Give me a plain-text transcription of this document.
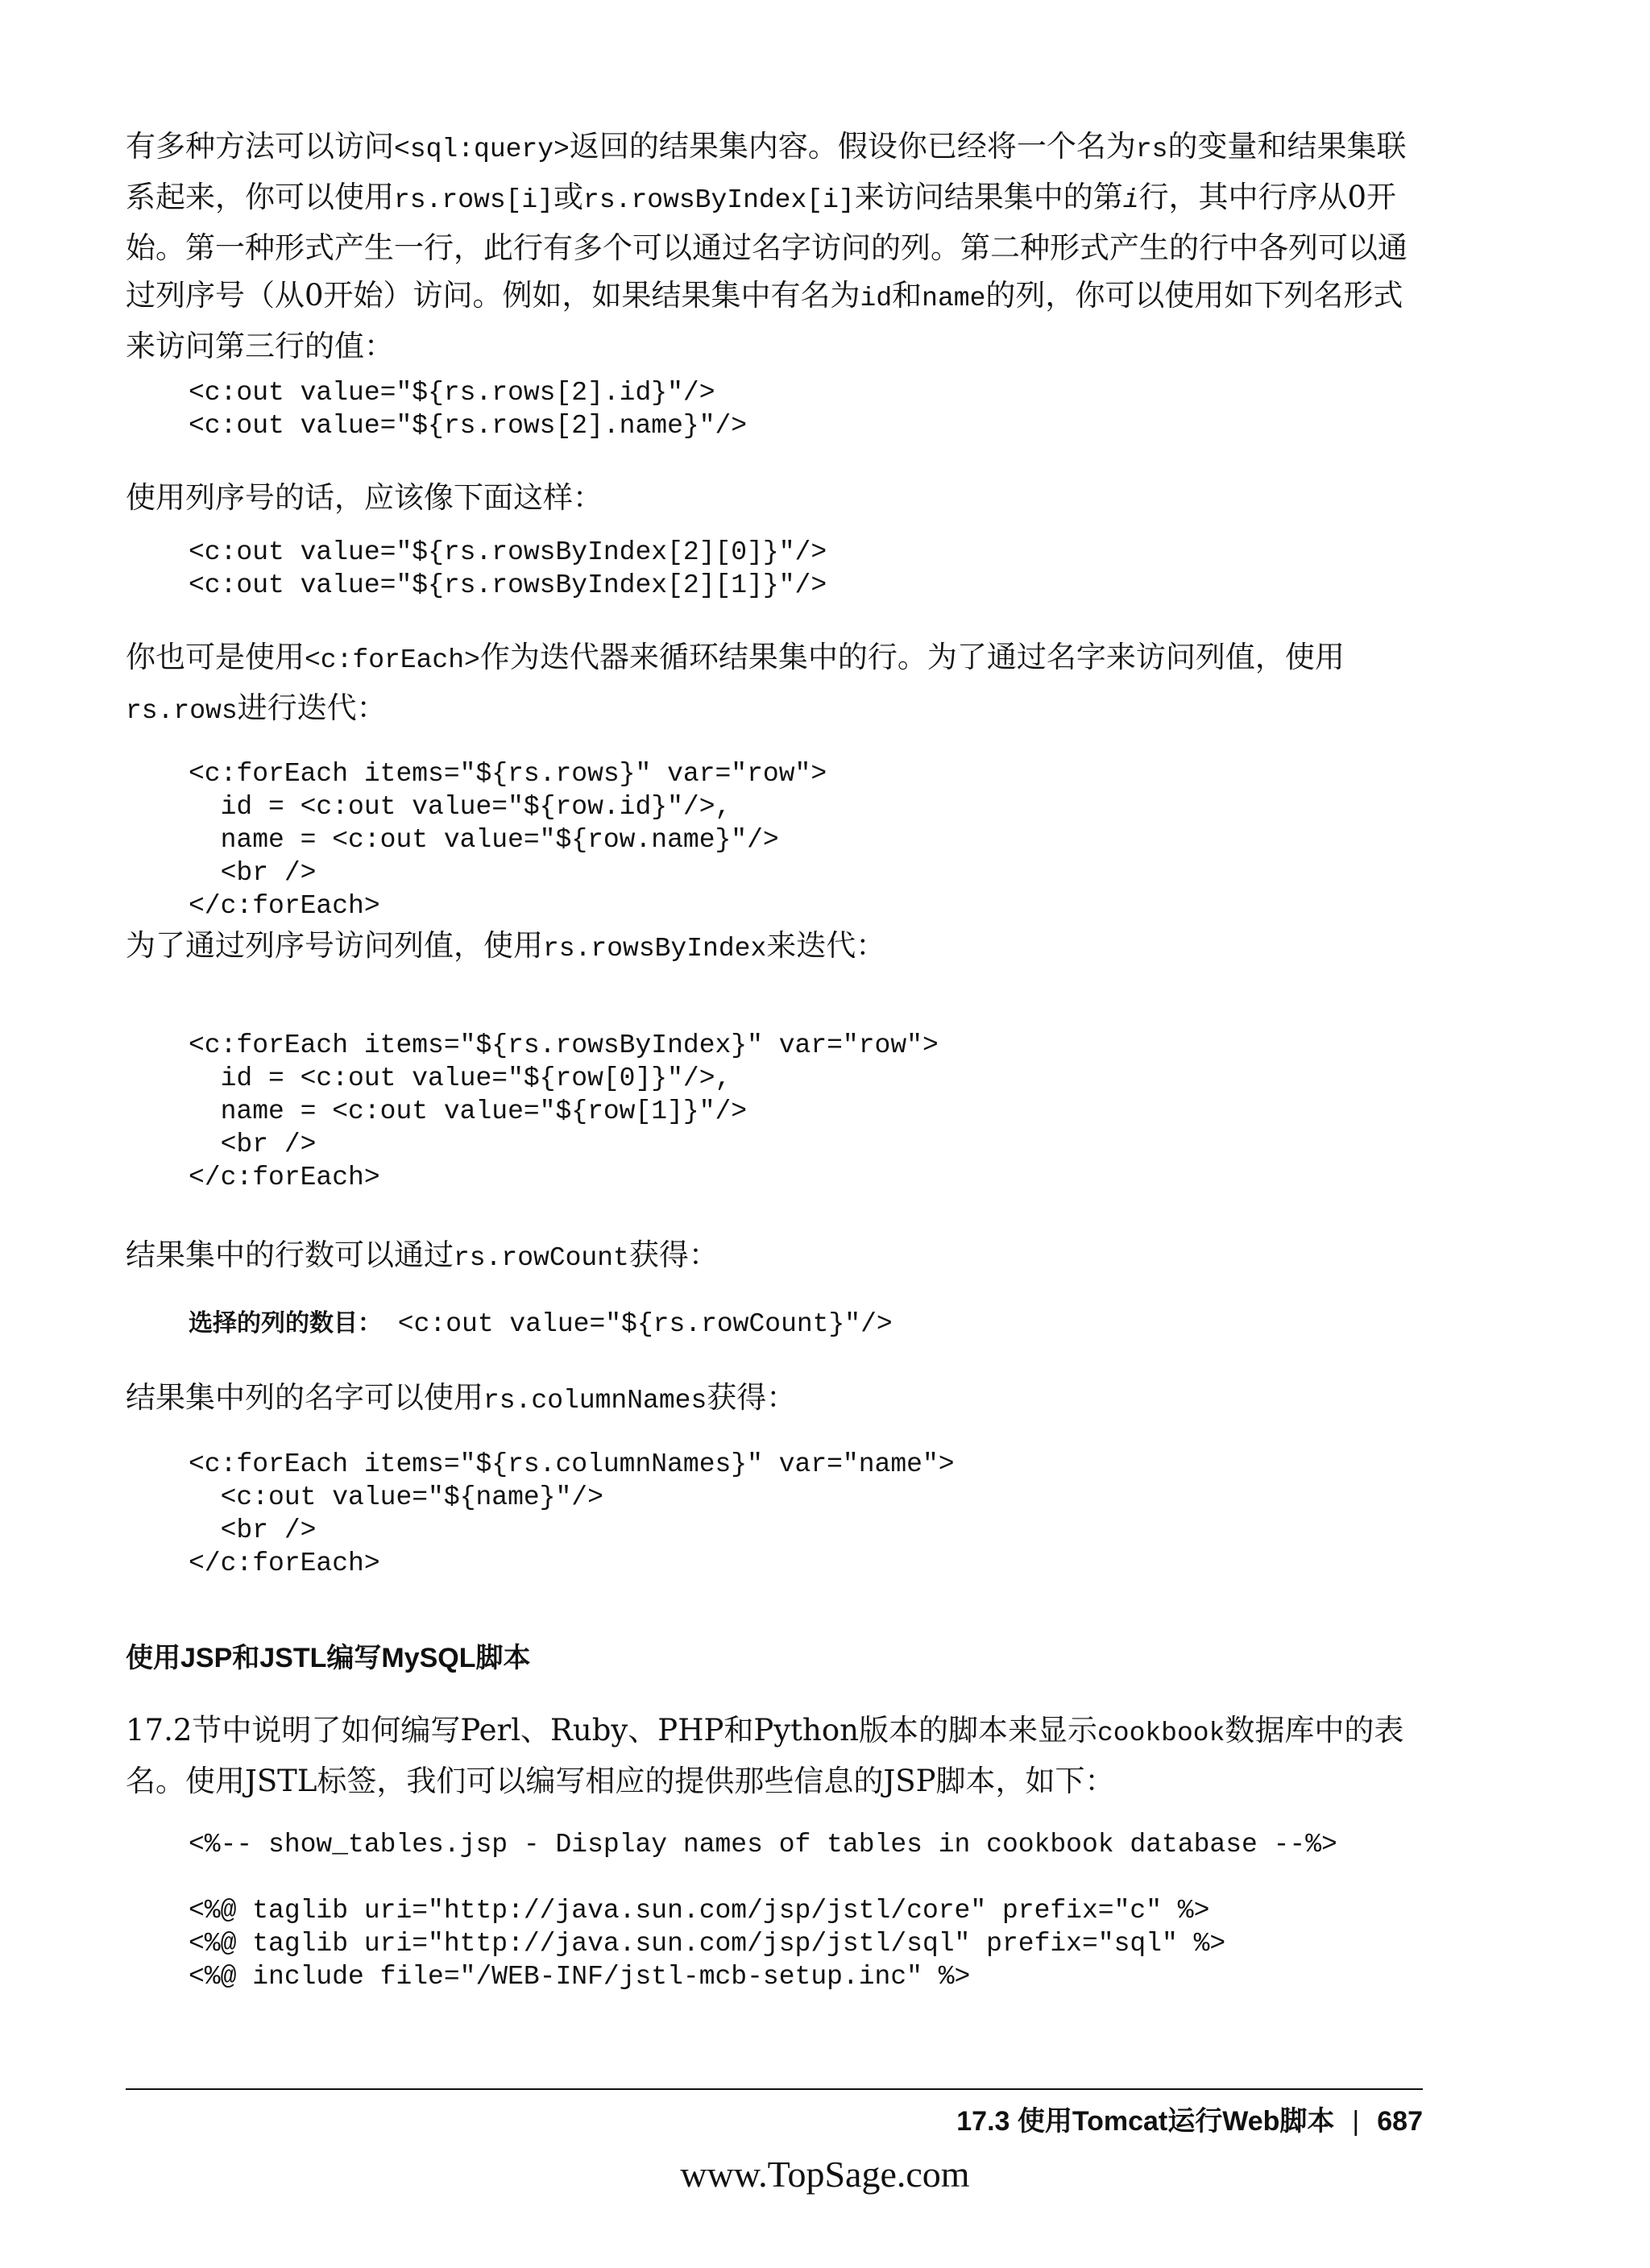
有多种方法可以访问<sql:query>返回的结果集内容。假设你已经将一个名为rs的变量和结果集联系起来，你可以使用rs.rows[i]或rs.rowsByIndex[i]来访问结果集中的第i行，其中行序从0开始。第一种形式产生一行，此行有多个可以通过名字访问的列。第二种形式产生的行中各列可以通过列序号（从0开始）访问。例如，如果结果集中有名为id和name的列，你可以使用如下列名形式来访问第三行的值：

<c:out value="${rs.rows[2].id}"/>
<c:out value="${rs.rows[2].name}"/>

使用列序号的话，应该像下面这样：

<c:out value="${rs.rowsByIndex[2][0]}"/>
<c:out value="${rs.rowsByIndex[2][1]}"/>

你也可是使用<c:forEach>作为迭代器来循环结果集中的行。为了通过名字来访问列值，使用rs.rows进行迭代：

<c:forEach items="${rs.rows}" var="row">
id = <c:out value="${row.id}"/>,
name = <c:out value="${row.name}"/>
<br />
</c:forEach>

为了通过列序号访问列值，使用rs.rowsByIndex来迭代：

<c:forEach items="${rs.rowsByIndex}" var="row">
id = <c:out value="${row[0]}"/>,
name = <c:out value="${row[1]}"/>
<br />
</c:forEach>

结果集中的行数可以通过rs.rowCount获得：

选择的列的数目： <c:out value="${rs.rowCount}"/>

结果集中列的名字可以使用rs.columnNames获得：

<c:forEach items="${rs.columnNames}" var="name">
<c:out value="${name}"/>
<br />
</c:forEach>
使用JSP和JSTL编写MySQL脚本

17.2节中说明了如何编写Perl、Ruby、PHP和Python版本的脚本来显示cookbook数据库中的表名。使用JSTL标签，我们可以编写相应的提供那些信息的JSP脚本，如下：

<%-- show_tables.jsp - Display names of tables in cookbook database --%>

<%@ taglib uri="http://java.sun.com/jsp/jstl/core" prefix="c" %>
<%@ taglib uri="http://java.sun.com/jsp/jstl/sql" prefix="sql" %>
<%@ include file="/WEB-INF/jstl-mcb-setup.inc" %>
17.3 使用Tomcat运行Web脚本 | 687
www.TopSage.com
